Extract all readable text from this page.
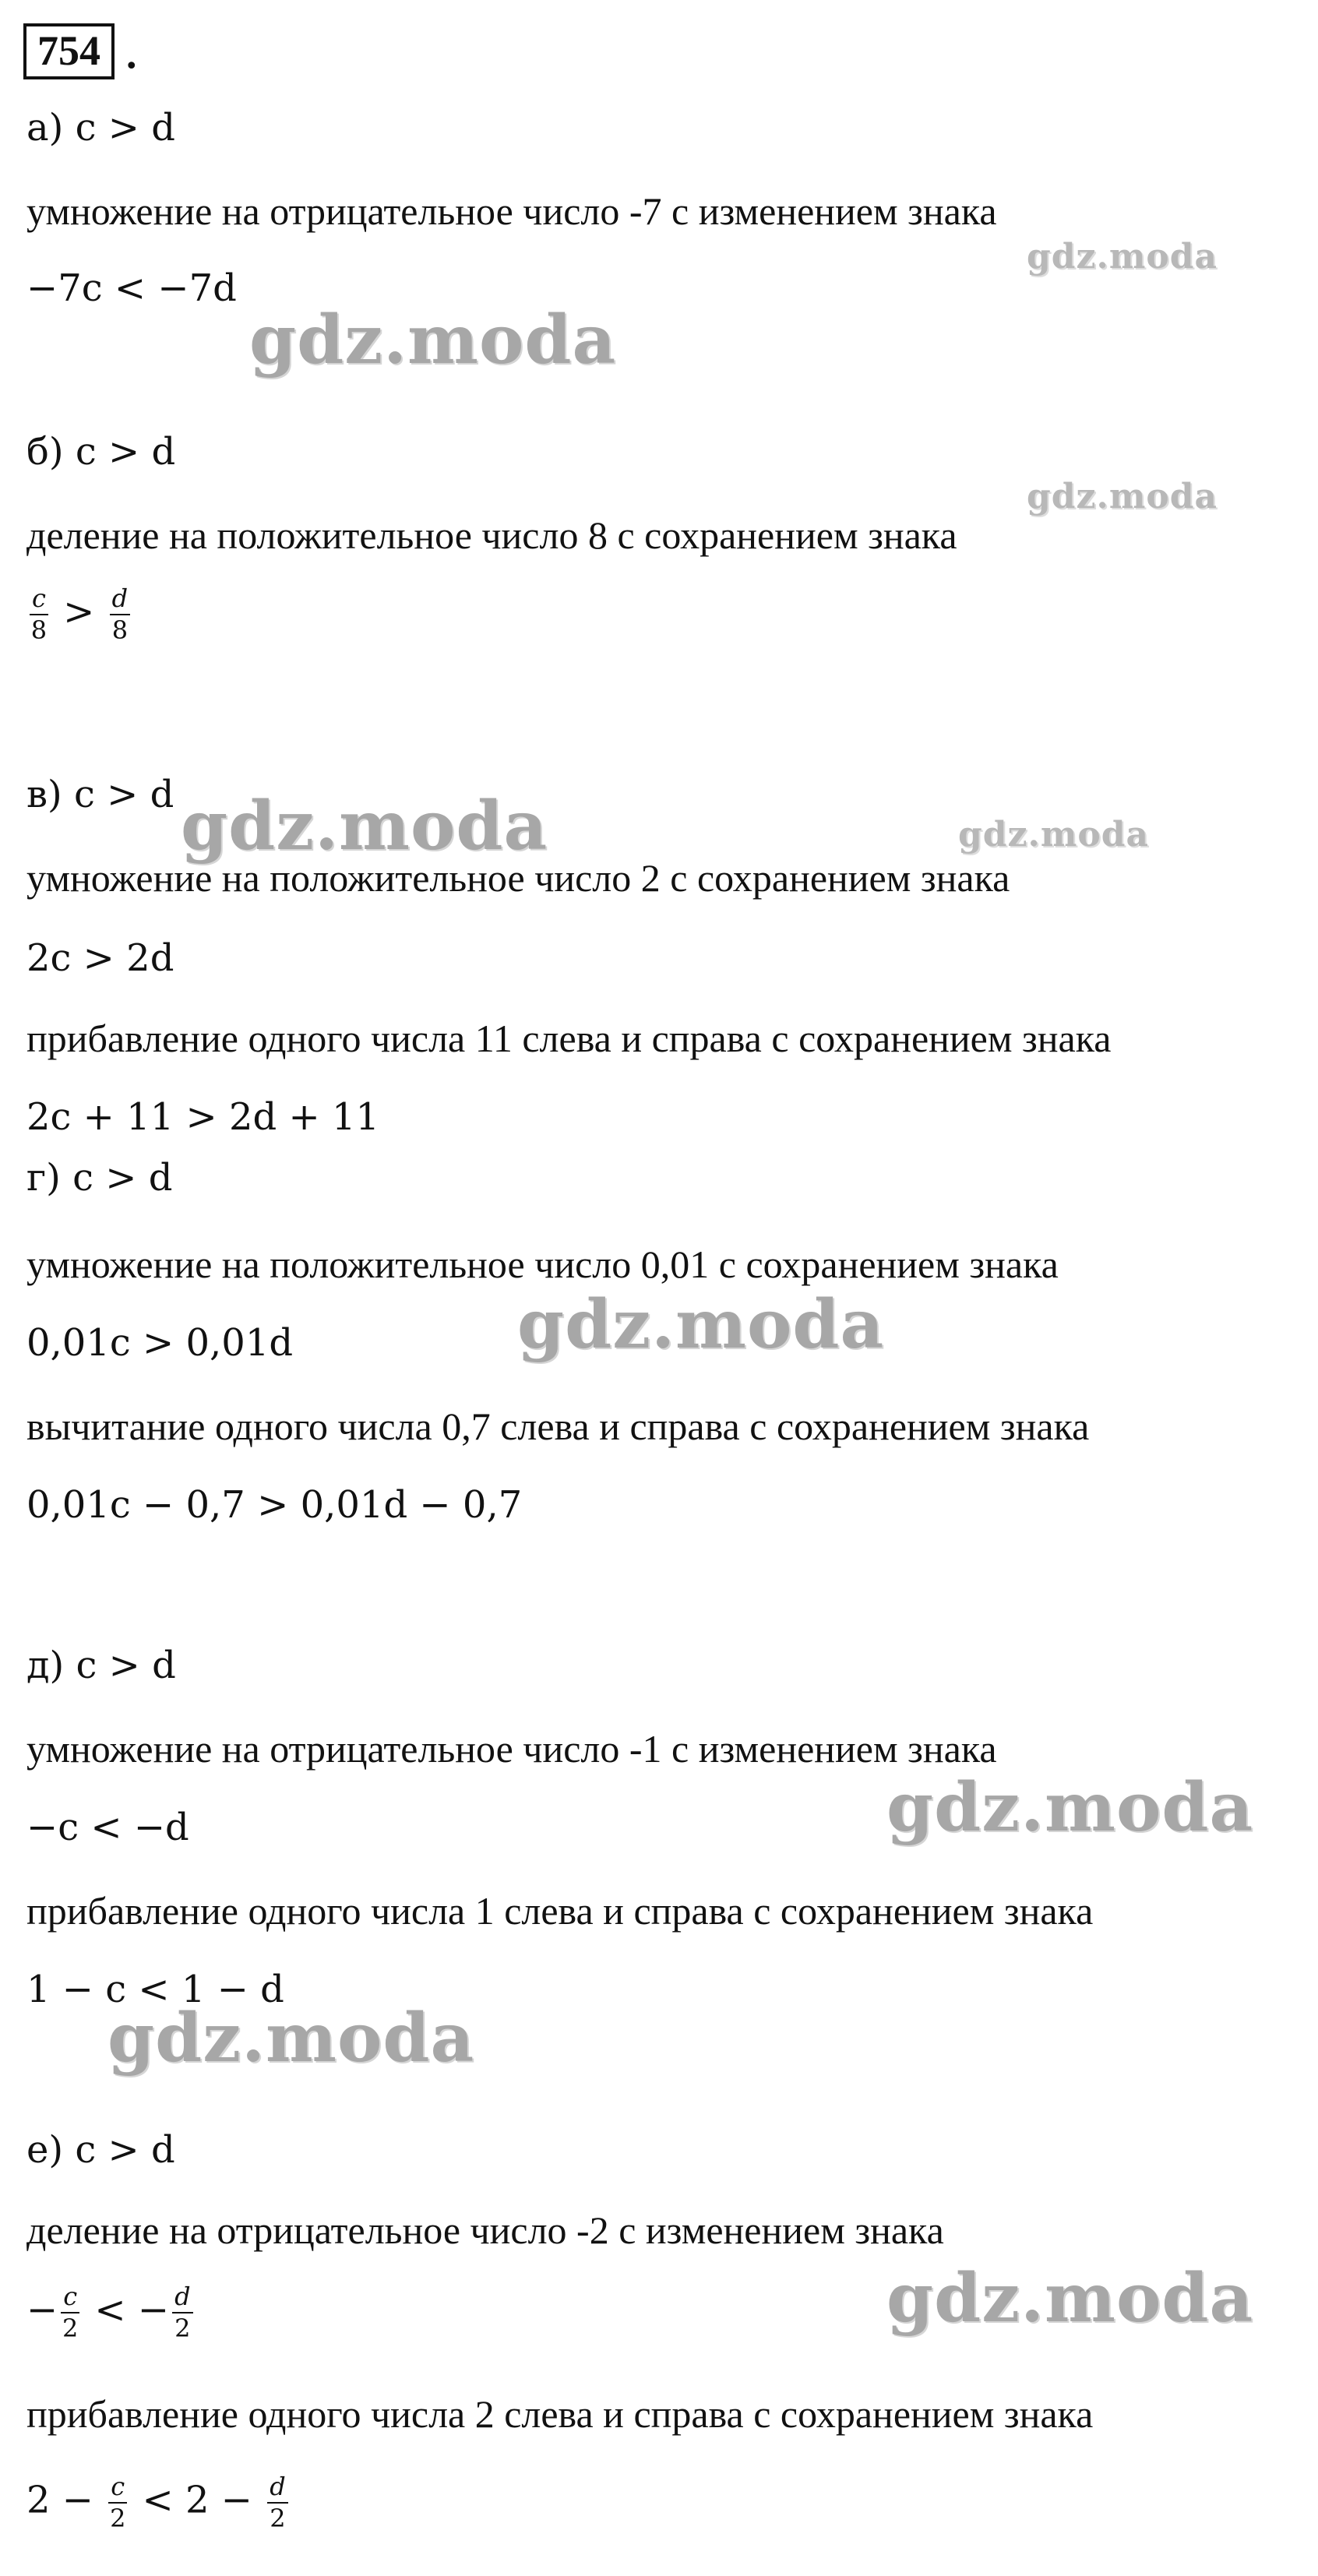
754 .
а) c > d
умножение на отрицательное число -7 с изменением знака
−7c < −7d
б) c > d
деление на положительное число 8 с сохранением знака
$\frac{c}{8} > \frac{d}{8}$
в) c > d
умножение на положительное число 2 с сохранением знака
2c > 2d
прибавление одного числа 11 слева и справа с сохранением знака
2c + 11 > 2d + 11
г) c > d
умножение на положительное число 0,01 с сохранением знака
0,01c > 0,01d
вычитание одного числа 0,7 слева и справа с сохранением знака
0,01c − 0,7 > 0,01d − 0,7
д) c > d
умножение на отрицательное число -1 с изменением знака
−c < −d
прибавление одного числа 1 слева и справа с сохранением знака
1 − c < 1 − d
е) c > d
деление на отрицательное число -2 с изменением знака
− $\frac{c}{2}$ < − $\frac{d}{2}$
прибавление одного числа 2 слева и справа с сохранением знака
$2 - \frac{c}{2} < 2 - \frac{d}{2}$
gdz.moda
gdz.moda
gdz.moda
gdz.moda	gdz.moda
gdz.moda
gdz.moda
gdz.moda
gdz.moda
